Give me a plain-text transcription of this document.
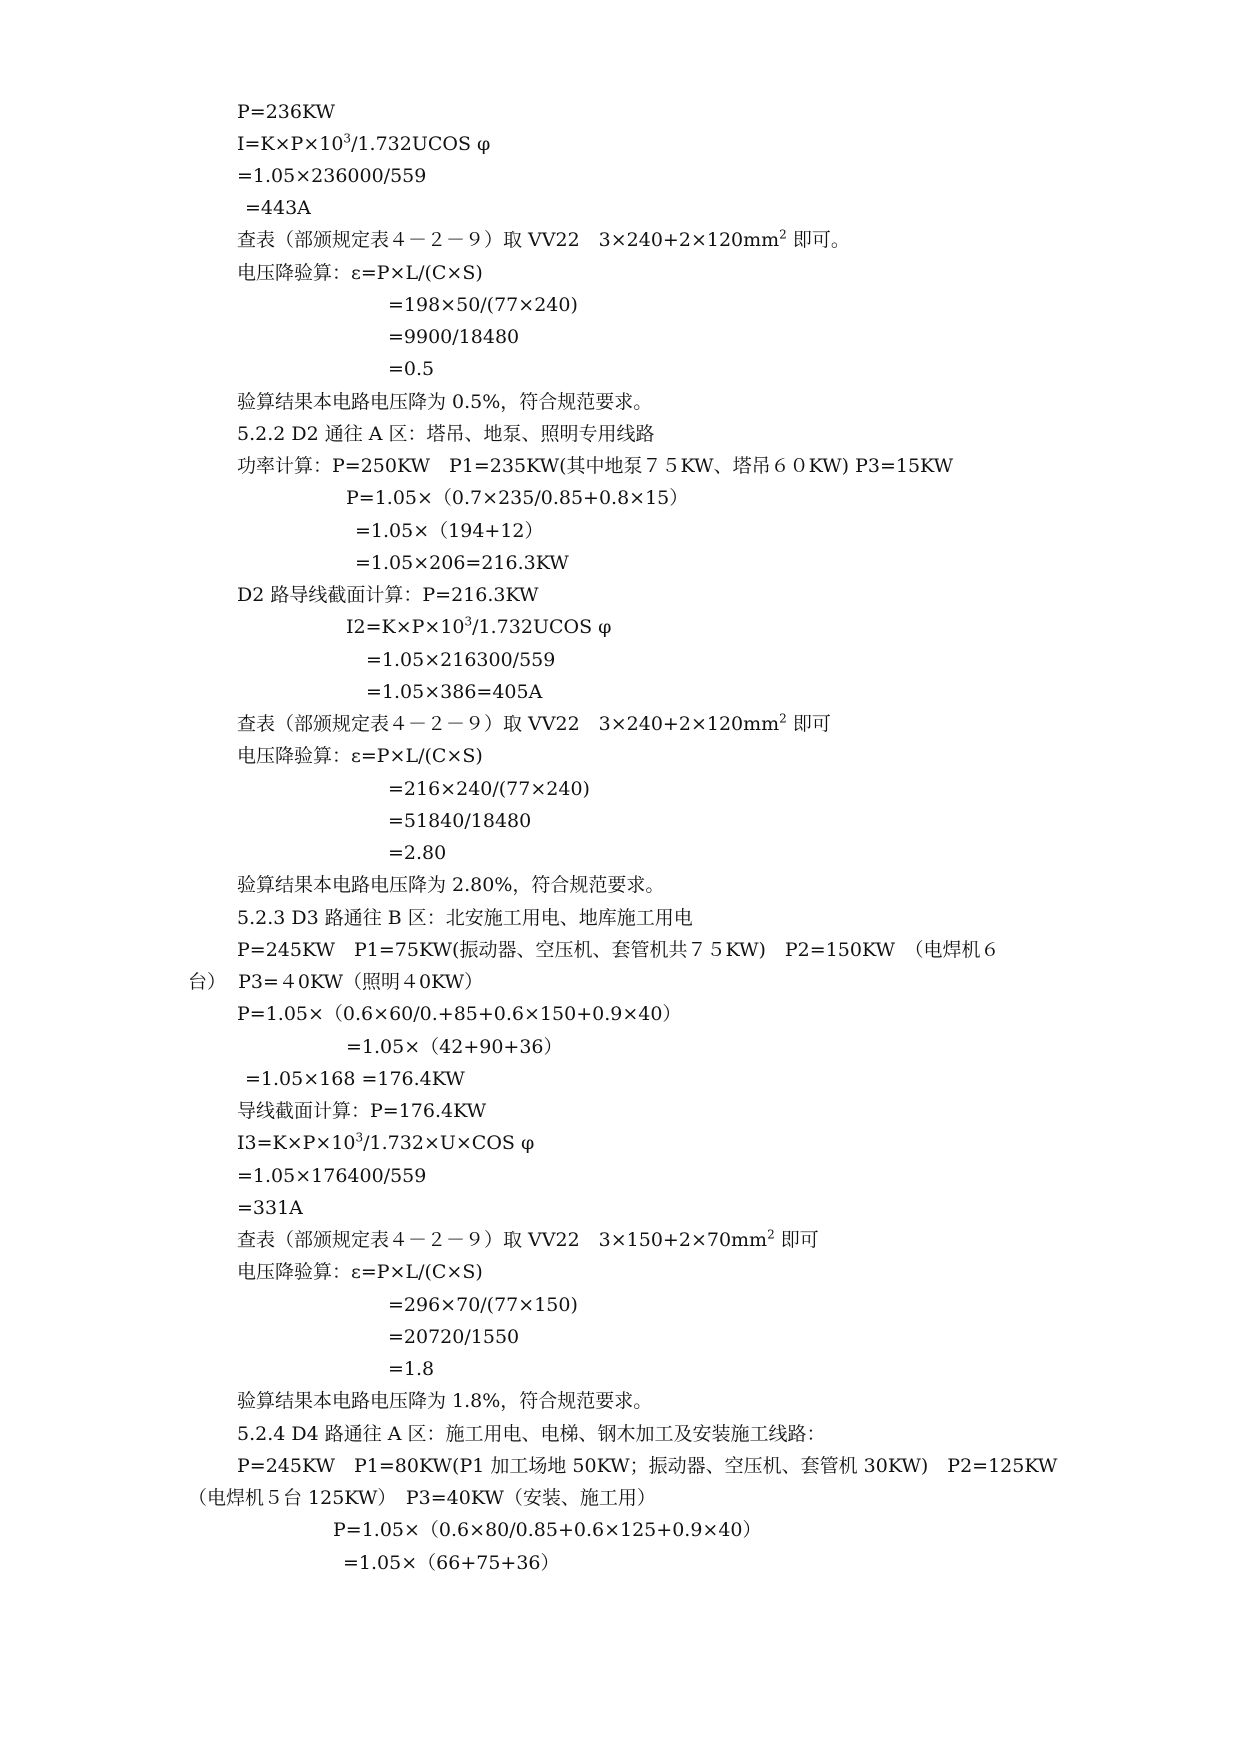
P=236KW
$I=K\times P\times 10^3/1.732UCOS$ φ
=1.05×236000/559
=443A
查表（部颁规定表４－２－９）取 VV22　$3\times 240+2\times 120mm^2$ 即可。
电压降验算：ε=P×L/(C×S)
=198×50/(77×240)
=9900/18480
=0.5
验算结果本电路电压降为 0.5%，符合规范要求。
5.2.2 D2 通往 A 区：塔吊、地泵、照明专用线路
功率计算：P=250KW　P1=235KW(其中地泵７５KW、塔吊６０KW) P3=15KW
P=1.05×（0.7×235/0.85+0.8×15）
=1.05×（194+12）
=1.05×206=216.3KW
D2 路导线截面计算：P=216.3KW
$I2=K\times P\times 10^3/1.732UCOS$ φ
=1.05×216300/559
=1.05×386=405A
查表（部颁规定表４－２－９）取 VV22　$3\times 240+2\times 120mm^2$ 即可
电压降验算：ε=P×L/(C×S)
=216×240/(77×240)
=51840/18480
=2.80
验算结果本电路电压降为 2.80%，符合规范要求。
5.2.3 D3 路通往 B 区：北安施工用电、地库施工用电
P=245KW　P1=75KW(振动器、空压机、套管机共７５KW)　P2=150KW　（电焊机６
台）  P3=４0KW（照明４0KW）
P=1.05×（0.6×60/0.+85+0.6×150+0.9×40）
=1.05×（42+90+36）
=1.05×168 =176.4KW
导线截面计算：P=176.4KW
$I3=K\times P\times 10^3/1.732\times U\times COS$ φ
=1.05×176400/559
=331A
查表（部颁规定表４－２－９）取 VV22　$3\times 150+2\times 70mm^2$ 即可
电压降验算：ε=P×L/(C×S)
=296×70/(77×150)
=20720/1550
=1.8
验算结果本电路电压降为 1.8%，符合规范要求。
5.2.4 D4 路通往 A 区：施工用电、电梯、钢木加工及安装施工线路：
P=245KW　P1=80KW(P1 加工场地 50KW；振动器、空压机、套管机 30KW)　P2=125KW
（电焊机５台 125KW）　P3=40KW（安装、施工用）
P=1.05×（0.6×80/0.85+0.6×125+0.9×40）
=1.05×（66+75+36）
